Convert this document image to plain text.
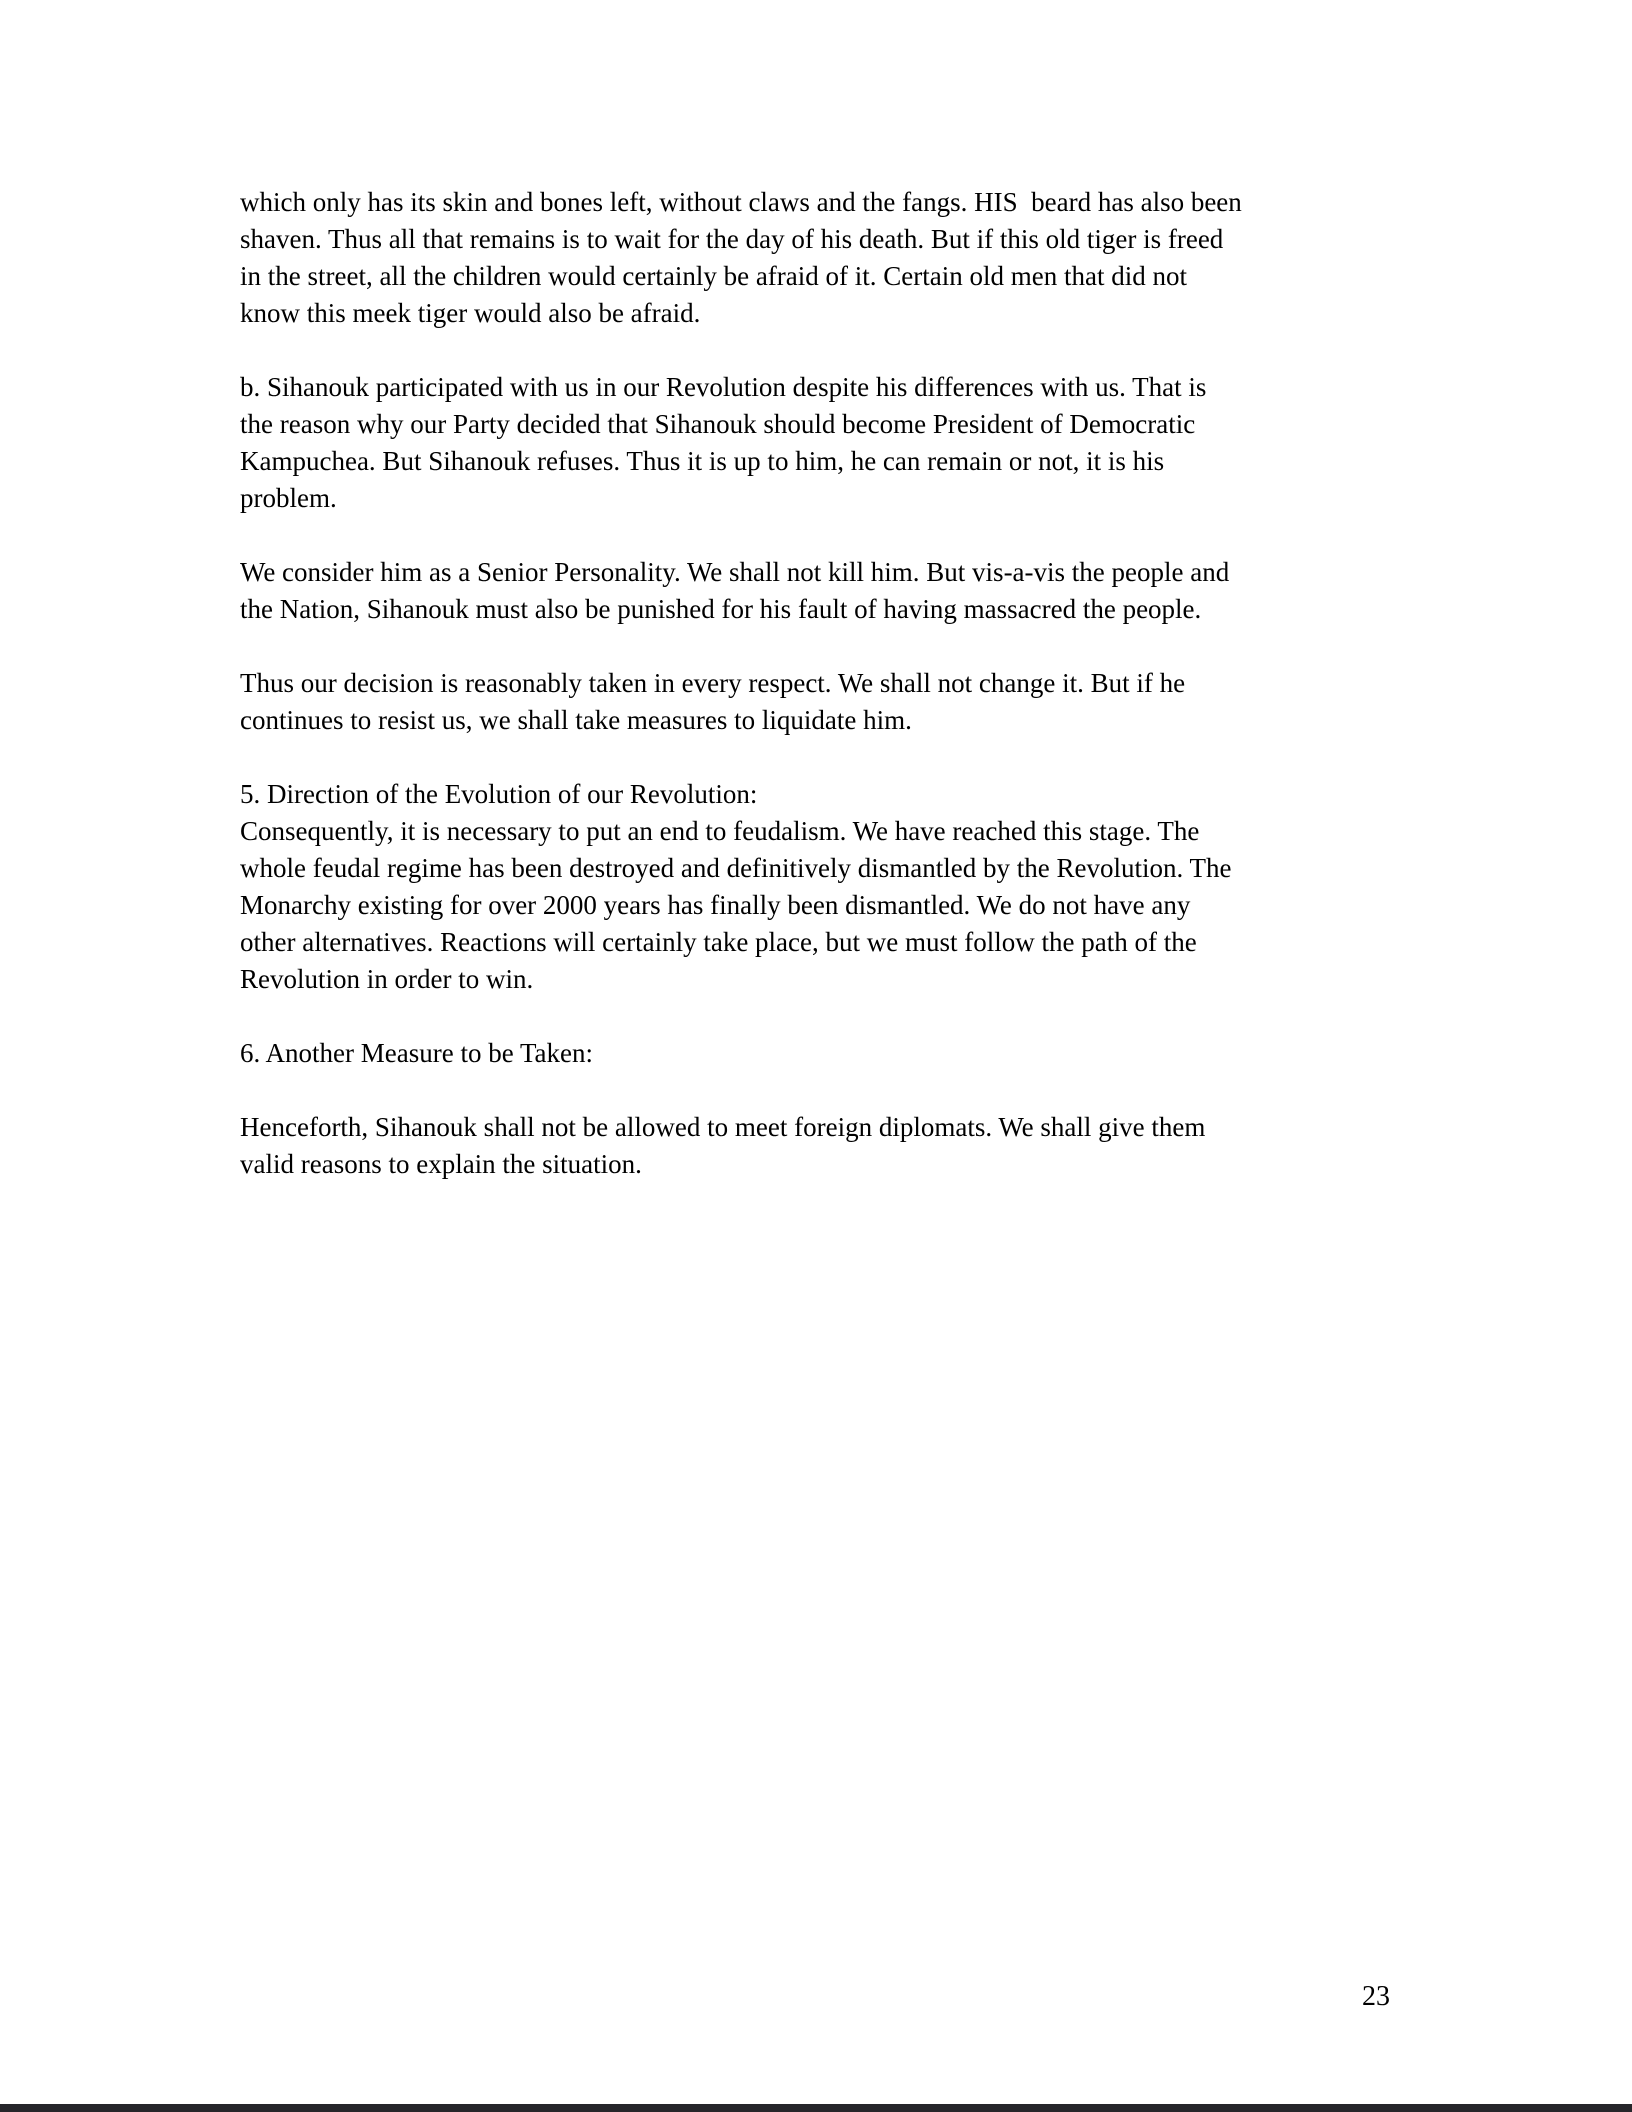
which only has its skin and bones left, without claws and the fangs. HIS  beard has also been
shaven. Thus all that remains is to wait for the day of his death. But if this old tiger is freed
in the street, all the children would certainly be afraid of it. Certain old men that did not
know this meek tiger would also be afraid.

b. Sihanouk participated with us in our Revolution despite his differences with us. That is
the reason why our Party decided that Sihanouk should become President of Democratic
Kampuchea. But Sihanouk refuses. Thus it is up to him, he can remain or not, it is his
problem.

We consider him as a Senior Personality. We shall not kill him. But vis-a-vis the people and
the Nation, Sihanouk must also be punished for his fault of having massacred the people.

Thus our decision is reasonably taken in every respect. We shall not change it. But if he
continues to resist us, we shall take measures to liquidate him.

5. Direction of the Evolution of our Revolution:
Consequently, it is necessary to put an end to feudalism. We have reached this stage. The
whole feudal regime has been destroyed and definitively dismantled by the Revolution. The
Monarchy existing for over 2000 years has finally been dismantled. We do not have any
other alternatives. Reactions will certainly take place, but we must follow the path of the
Revolution in order to win.

6. Another Measure to be Taken:

Henceforth, Sihanouk shall not be allowed to meet foreign diplomats. We shall give them
valid reasons to explain the situation.

23
